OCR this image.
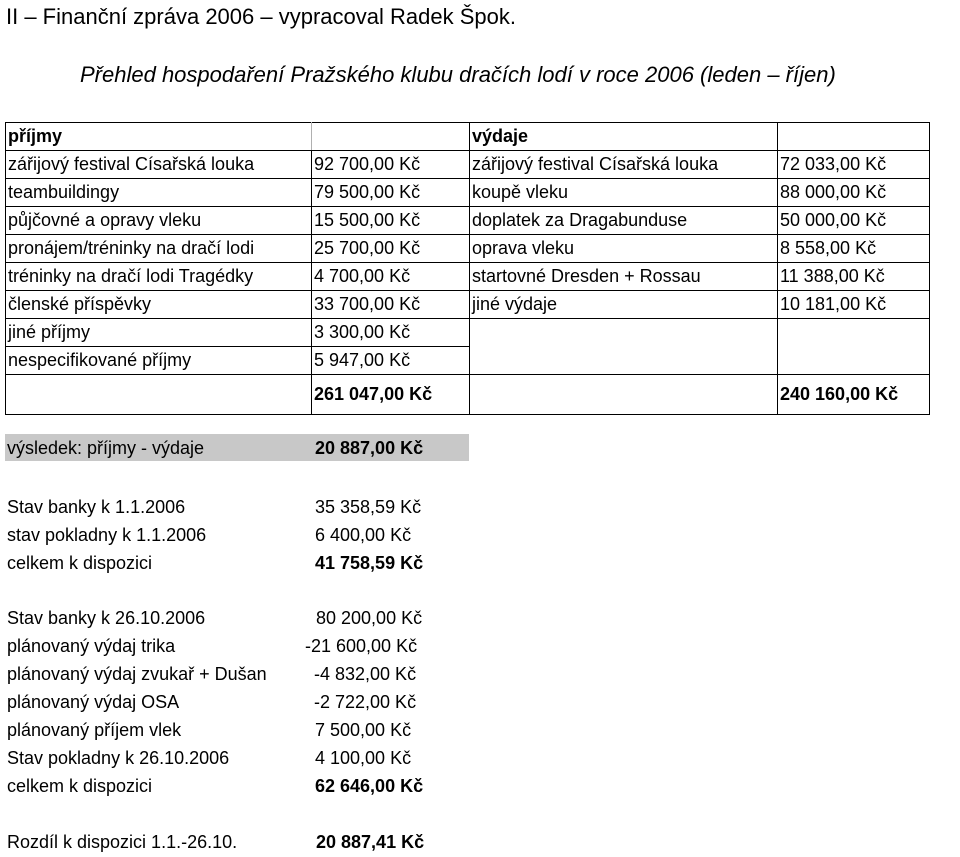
II – Finanční zpráva 2006 – vypracoval Radek Špok.
Přehled hospodaření Pražského klubu dračích lodí v roce 2006 (leden – říjen)
příjmy		výdaje	
zářijový festival Císařská louka	92 700,00 Kč	zářijový festival Císařská louka	72 033,00 Kč
teambuildingy	79 500,00 Kč	koupě vleku	88 000,00 Kč
půjčovné a opravy vleku	15 500,00 Kč	doplatek za Dragabunduse	50 000,00 Kč
pronájem/tréninky na dračí lodi	25 700,00 Kč	oprava vleku	8 558,00 Kč
tréninky na dračí lodi Tragédky	4 700,00 Kč	startovné Dresden + Rossau	11 388,00 Kč
členské příspěvky	33 700,00 Kč	jiné výdaje	10 181,00 Kč
jiné příjmy	3 300,00 Kč		
nespecifikované příjmy	5 947,00 Kč		
	261 047,00 Kč		240 160,00 Kč
výsledek: příjmy - výdaje	20 887,00 Kč
Stav banky k 1.1.2006	35 358,59 Kč
stav pokladny k 1.1.2006	6 400,00 Kč
celkem k dispozici	41 758,59 Kč
Stav banky k 26.10.2006	80 200,00 Kč
plánovaný výdaj trika	-21 600,00 Kč
plánovaný výdaj zvukař + Dušan	-4 832,00 Kč
plánovaný výdaj OSA	-2 722,00 Kč
plánovaný příjem vlek	7 500,00 Kč
Stav pokladny k 26.10.2006	4 100,00 Kč
celkem k dispozici	62 646,00 Kč
Rozdíl k dispozici 1.1.-26.10.	20 887,41 Kč
